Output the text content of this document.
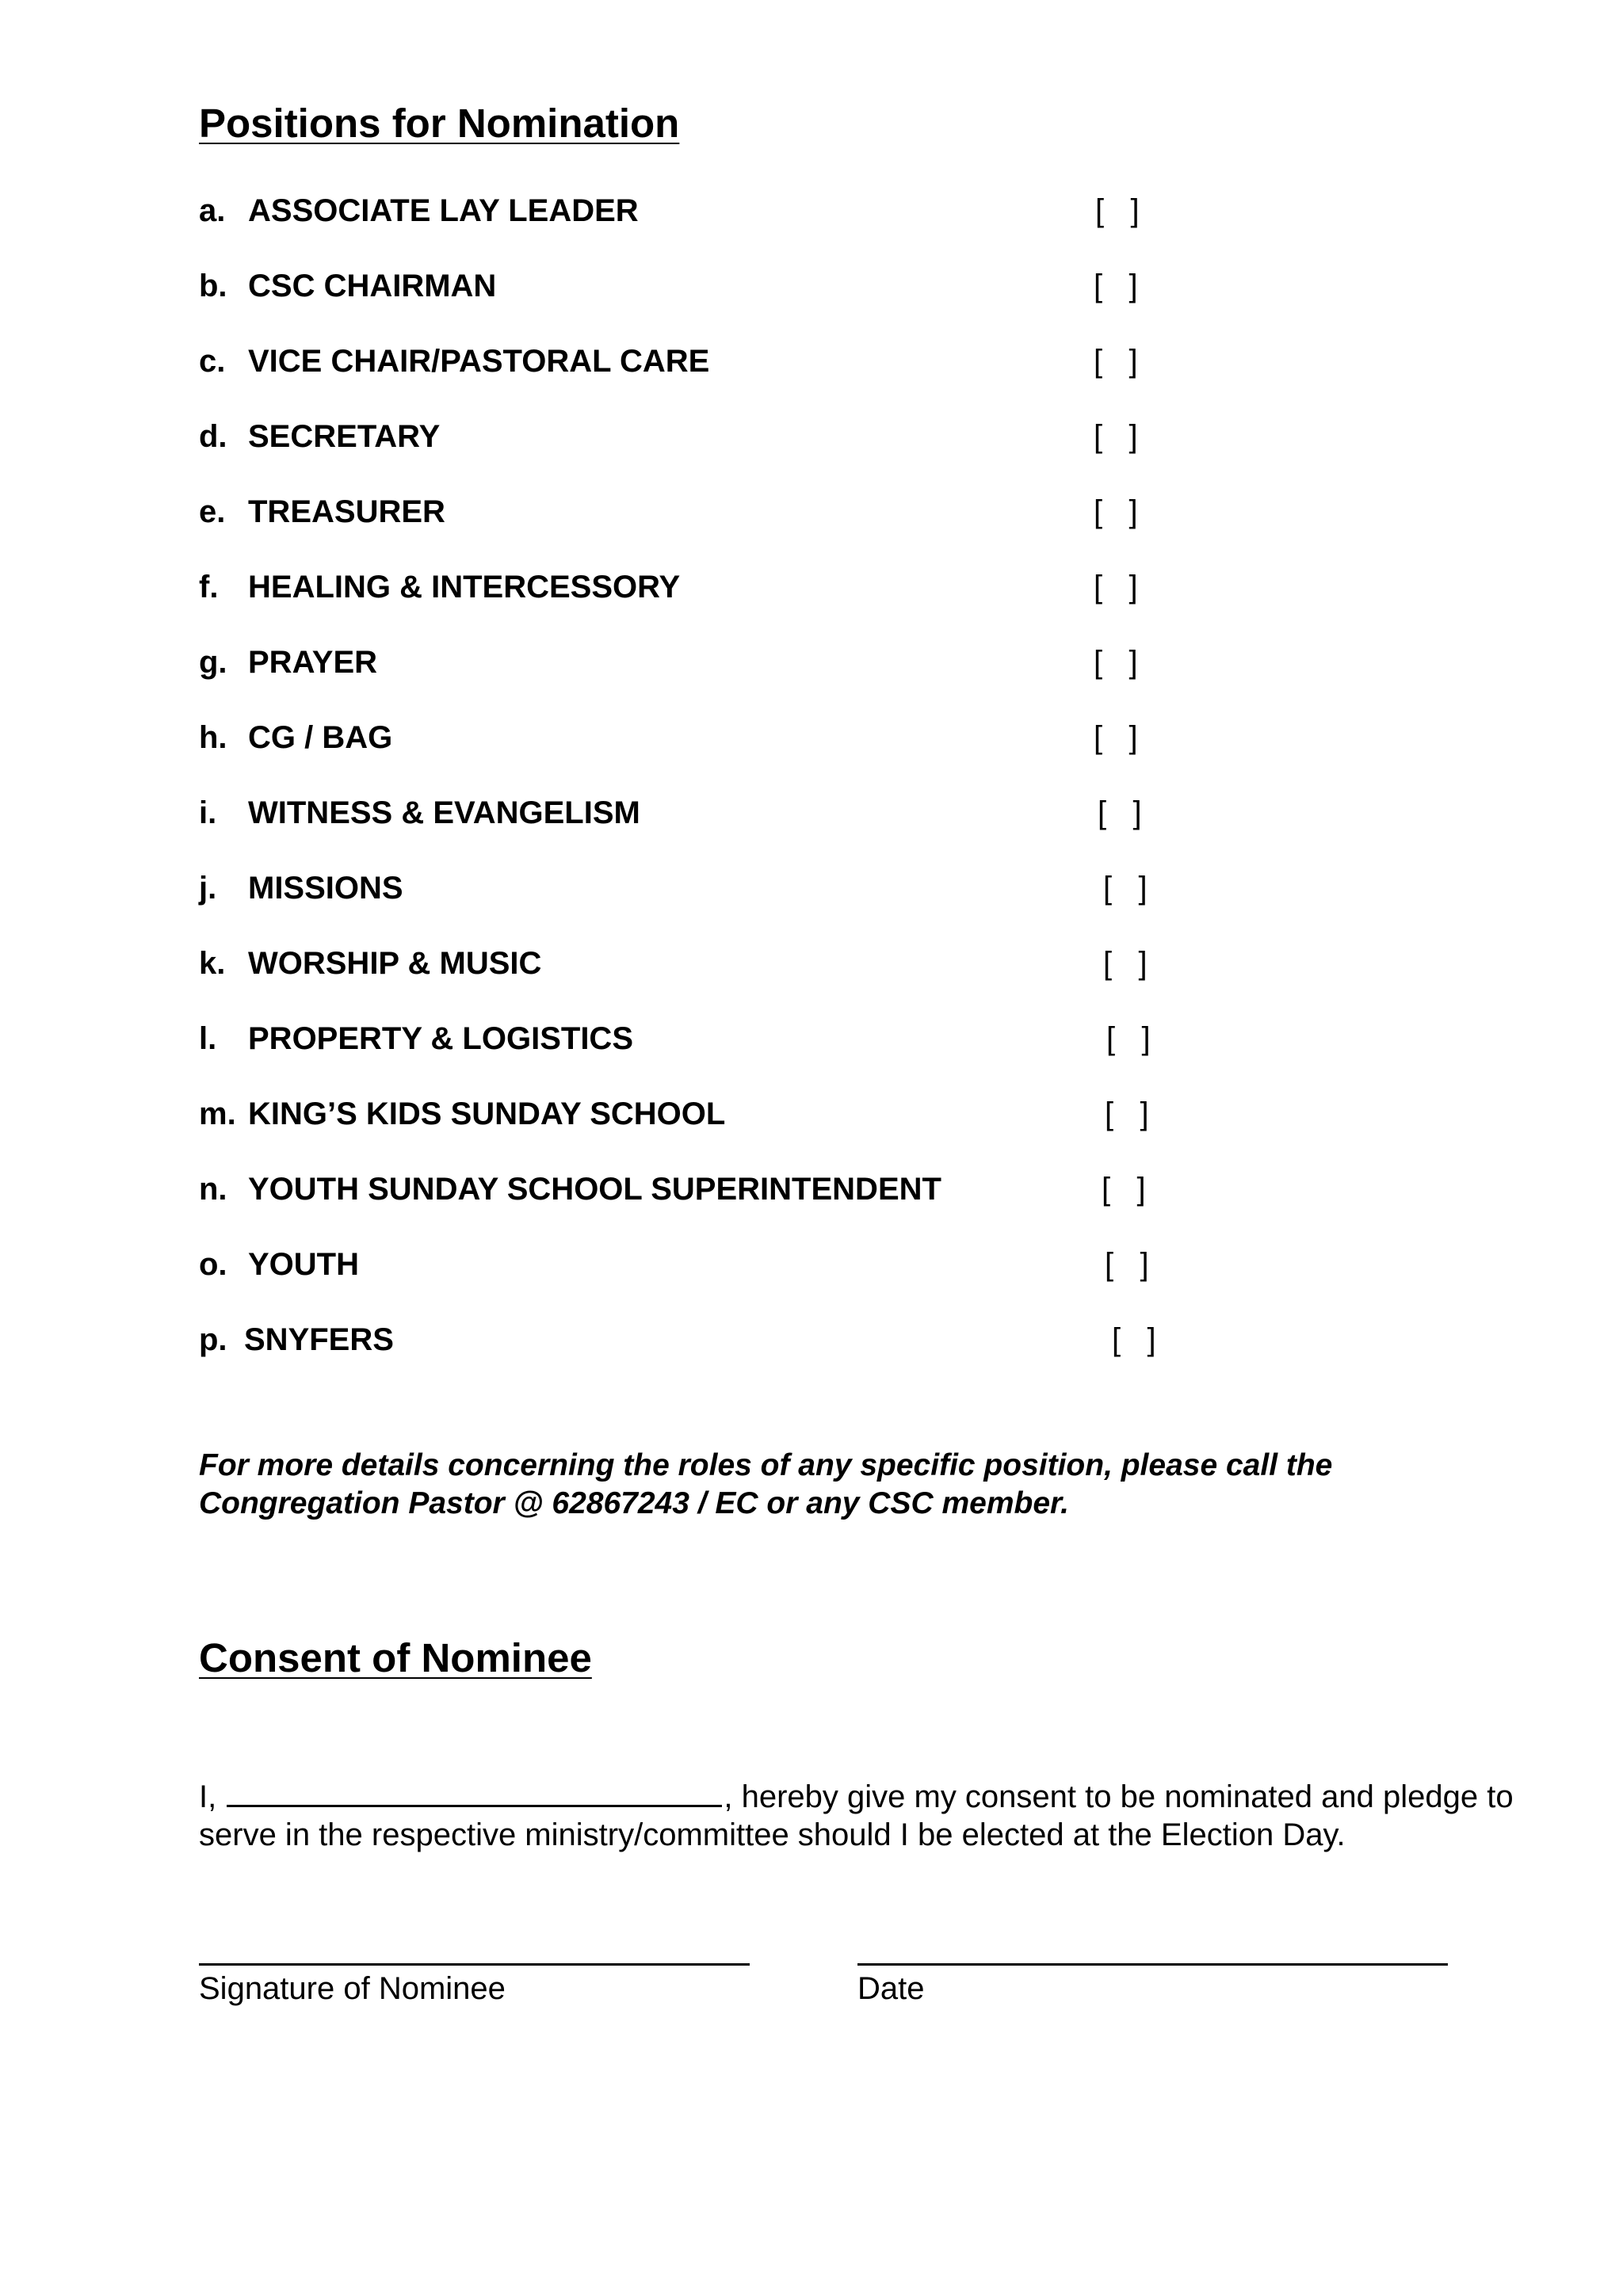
Positions for Nomination
a. ASSOCIATE LAY LEADER	[   ]
b. CSC CHAIRMAN	[   ]
c. VICE CHAIR/PASTORAL CARE	[   ]
d. SECRETARY	[   ]
e. TREASURER	[   ]
f. HEALING & INTERCESSORY	[   ]
g. PRAYER	[   ]
h. CG / BAG	[   ]
i. WITNESS & EVANGELISM	[   ]
j. MISSIONS	[   ]
k. WORSHIP & MUSIC	[   ]
l. PROPERTY & LOGISTICS	[   ]
m. KING’S KIDS SUNDAY SCHOOL	[   ]
n. YOUTH SUNDAY SCHOOL SUPERINTENDENT	[   ]
o. YOUTH	[   ]
p. SNYFERS	[   ]

For more details concerning the roles of any specific position, please call the
Congregation Pastor @ 62867243 / EC or any CSC member.

Consent of Nominee

I,	, hereby give my consent to be nominated and pledge to
serve in the respective ministry/committee should I be elected at the Election Day.

Signature of Nominee	Date
